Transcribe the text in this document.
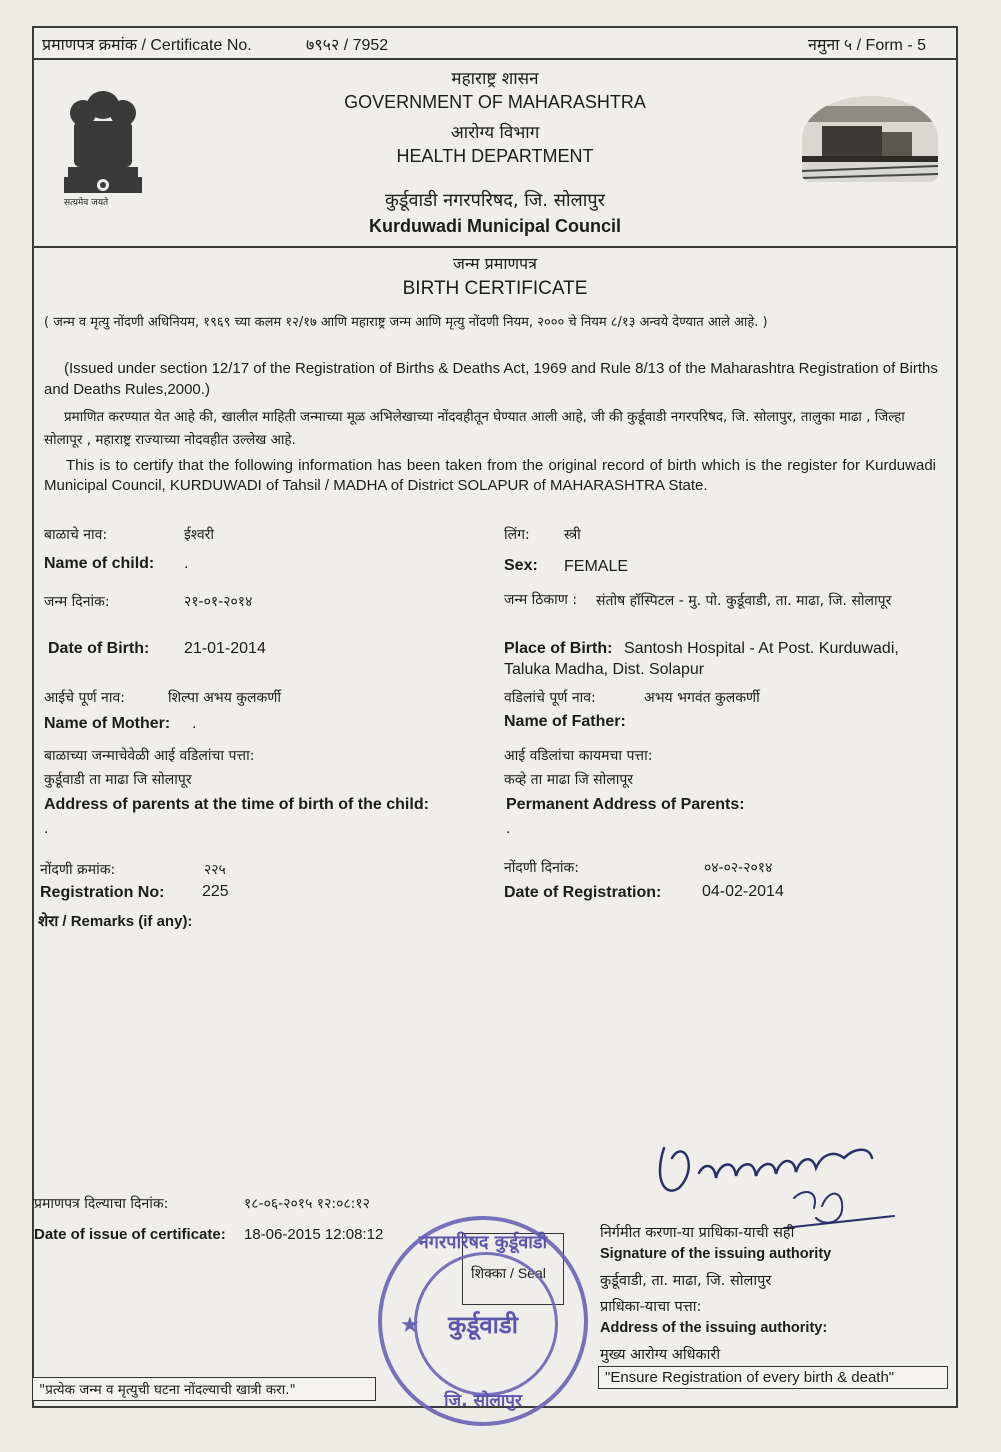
प्रमाणपत्र क्रमांक / Certificate No.	७९५२ / 7952	नमुना ५ / Form - 5
सत्यमेव जयते
महाराष्ट्र शासन
GOVERNMENT OF MAHARASHTRA
आरोग्य विभाग
HEALTH DEPARTMENT
कुर्डूवाडी नगरपरिषद, जि. सोलापुर
Kurduwadi Municipal Council
जन्म प्रमाणपत्र
BIRTH CERTIFICATE
( जन्म व मृत्यु नोंदणी अधिनियम, १९६९ च्या कलम १२/१७ आणि महाराष्ट्र जन्म आणि मृत्यु नोंदणी नियम, २००० चे नियम ८/१३ अन्वये देण्यात आले आहे. )
(Issued under section 12/17 of the Registration of Births & Deaths Act, 1969 and Rule 8/13 of the Maharashtra Registration of Births and Deaths Rules,2000.)
प्रमाणित करण्यात येत आहे की, खालील माहिती जन्माच्या मूळ अभिलेखाच्या नोंदवहीतून घेण्यात आली आहे, जी की कुर्डूवाडी नगरपरिषद, जि. सोलापुर, तालुका माढा , जिल्हा सोलापूर , महाराष्ट्र राज्याच्या नोदवहीत उल्लेख आहे.
This is to certify that the following information has been taken from the original record of birth which is the register for Kurduwadi Municipal Council, KURDUWADI of Tahsil / MADHA of District SOLAPUR of MAHARASHTRA State.
बाळाचे नाव:	ईश्वरी
Name of child: .
लिंग: स्त्री
Sex: FEMALE
जन्म दिनांक:	२१-०१-२०१४
Date of Birth: 21-01-2014
जन्म ठिकाण : संतोष हॉस्पिटल - मु. पो. कुर्डूवाडी, ता. माढा, जि. सोलापूर
Place of Birth: Santosh Hospital - At Post. Kurduwadi,
Taluka Madha, Dist. Solapur
आईचे पूर्ण नाव:	शिल्पा अभय कुलकर्णी
Name of Mother: .
वडिलांचे पूर्ण नाव:	अभय भगवंत कुलकर्णी
Name of Father:
बाळाच्या जन्माचेवेळी आई वडिलांचा पत्ता:
कुर्डूवाडी ता माढा जि सोलापूर
Address of parents at the time of birth of the child:
.
आई वडिलांचा कायमचा पत्ता:
कव्हे ता माढा जि सोलापूर
Permanent Address of Parents:
.
नोंदणी क्रमांक:	२२५
Registration No: 225
नोंदणी दिनांक:	०४-०२-२०१४
Date of Registration:	04-02-2014
शेरा / Remarks (if any):
प्रमाणपत्र दिल्याचा दिनांक:	१८-०६-२०१५ १२:०८:१२
Date of issue of certificate: 18-06-2015 12:08:12
शिक्का / Seal
निर्गमीत करणा-या प्राधिका-याची सही
Signature of the issuing authority
कुर्डूवाडी, ता. माढा, जि. सोलापुर
प्राधिका-याचा पत्ता:
Address of the issuing authority:
मुख्य आरोग्य अधिकारी
"प्रत्येक जन्म व मृत्युची घटना नोंदल्याची खात्री करा."
"Ensure Registration of every birth & death"
नगरपरिषद कुर्डूवाडी
कुर्डूवाडी
जि. सोलापुर
★
